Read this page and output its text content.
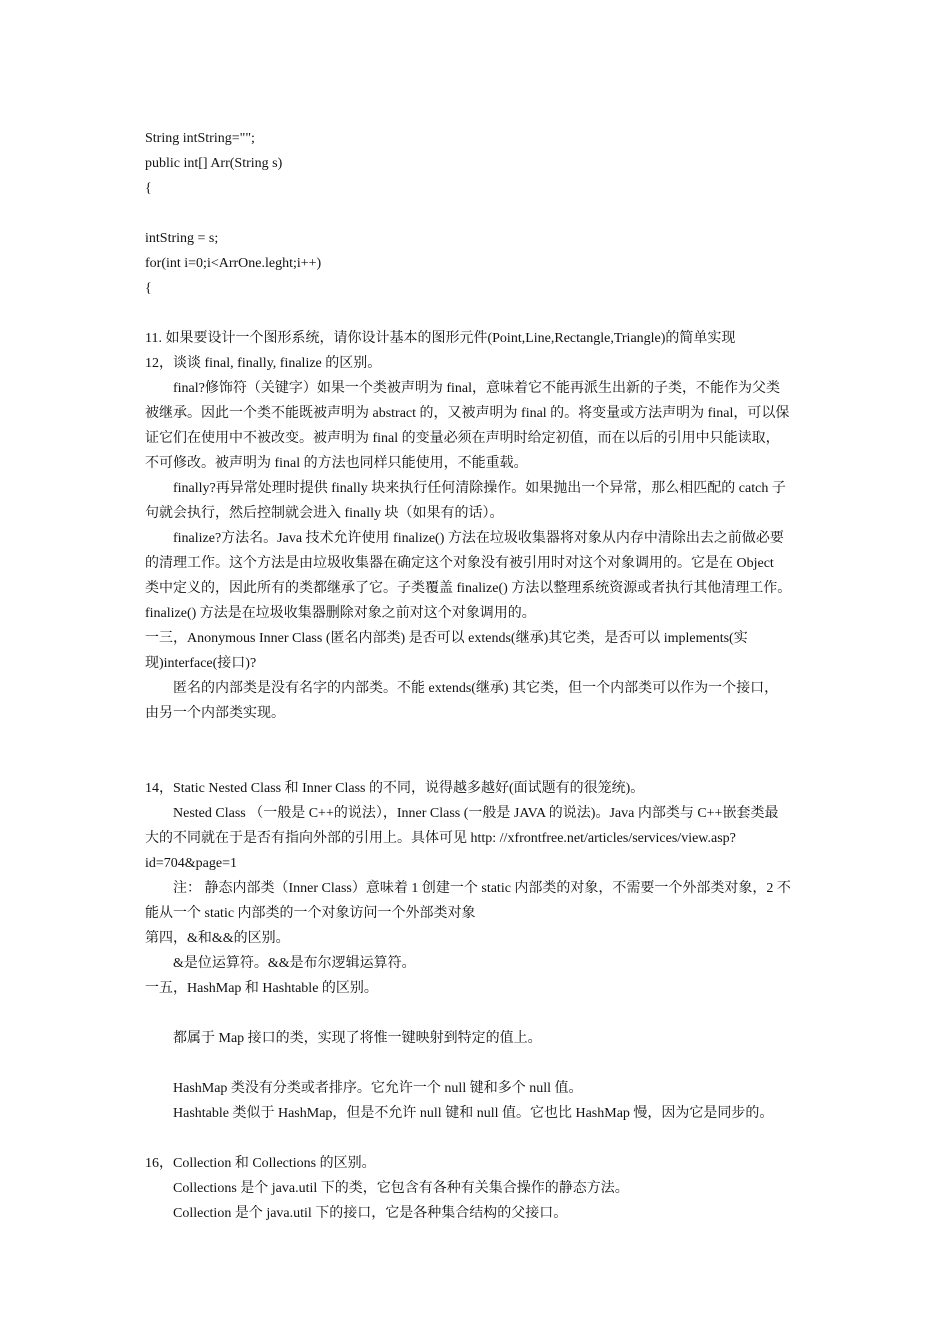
String intString="";
public int[] Arr(String s)
{
intString = s;
for(int i=0;i<ArrOne.leght;i++)
{
11. 如果要设计一个图形系统，请你设计基本的图形元件(Point,Line,Rectangle,Triangle)的简单实现
12，谈谈 final, finally, finalize 的区别。
final?修饰符（关键字）如果一个类被声明为 final，意味着它不能再派生出新的子类，不能作为父类
被继承。因此一个类不能既被声明为 abstract 的，又被声明为 final 的。将变量或方法声明为 final，可以保
证它们在使用中不被改变。被声明为 final 的变量必须在声明时给定初值，而在以后的引用中只能读取，
不可修改。被声明为 final 的方法也同样只能使用，不能重载。
finally?再异常处理时提供 finally 块来执行任何清除操作。如果抛出一个异常，那么相匹配的 catch 子
句就会执行，然后控制就会进入 finally 块（如果有的话）。
finalize?方法名。Java 技术允许使用 finalize() 方法在垃圾收集器将对象从内存中清除出去之前做必要
的清理工作。这个方法是由垃圾收集器在确定这个对象没有被引用时对这个对象调用的。它是在 Object
类中定义的，因此所有的类都继承了它。子类覆盖 finalize() 方法以整理系统资源或者执行其他清理工作。
finalize() 方法是在垃圾收集器删除对象之前对这个对象调用的。
一三，Anonymous Inner Class (匿名内部类) 是否可以 extends(继承)其它类，是否可以 implements(实
现)interface(接口)?
匿名的内部类是没有名字的内部类。不能 extends(继承) 其它类，但一个内部类可以作为一个接口，
由另一个内部类实现。
14，Static Nested Class 和 Inner Class 的不同，说得越多越好(面试题有的很笼统)。
Nested Class （一般是 C++的说法），Inner Class (一般是 JAVA 的说法)。Java 内部类与 C++嵌套类最
大的不同就在于是否有指向外部的引用上。具体可见 http: //xfrontfree.net/articles/services/view.asp?
id=704&page=1
注： 静态内部类（Inner Class）意味着 1 创建一个 static 内部类的对象，不需要一个外部类对象，2 不
能从一个 static 内部类的一个对象访问一个外部类对象
第四，&和&&的区别。
&是位运算符。&&是布尔逻辑运算符。
一五，HashMap 和 Hashtable 的区别。
都属于 Map 接口的类，实现了将惟一键映射到特定的值上。
HashMap 类没有分类或者排序。它允许一个 null 键和多个 null 值。
Hashtable 类似于 HashMap，但是不允许 null 键和 null 值。它也比 HashMap 慢，因为它是同步的。
16，Collection 和 Collections 的区别。
Collections 是个 java.util 下的类，它包含有各种有关集合操作的静态方法。
Collection 是个 java.util 下的接口，它是各种集合结构的父接口。
